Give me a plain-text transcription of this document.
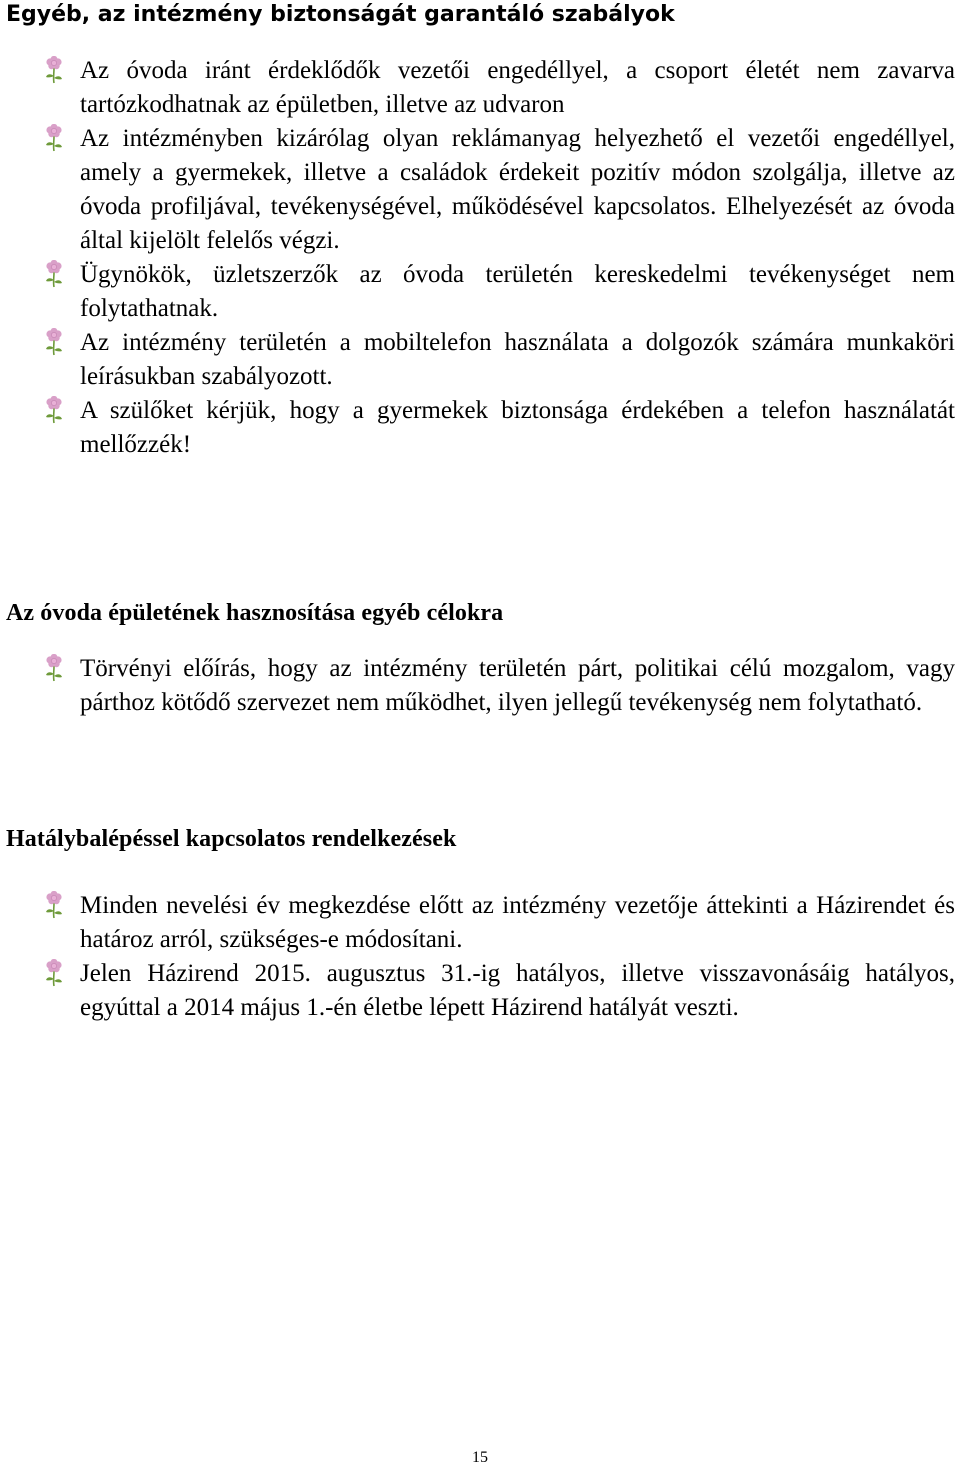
Egyéb, az intézmény biztonságát garantáló szabályok
Az óvoda iránt érdeklődők vezetői engedéllyel, a csoport életét nem zavarva tartózkodhatnak az épületben, illetve az udvaron
Az intézményben kizárólag olyan reklámanyag helyezhető el vezetői engedéllyel, amely a gyermekek, illetve a családok érdekeit pozitív módon szolgálja, illetve az óvoda profiljával, tevékenységével, működésével kapcsolatos. Elhelyezését az óvoda által kijelölt felelős végzi.
Ügynökök, üzletszerzők az óvoda területén kereskedelmi tevékenységet nem folytathatnak.
Az intézmény területén a mobiltelefon használata a dolgozók számára munkaköri leírásukban szabályozott.
A szülőket kérjük, hogy a gyermekek biztonsága érdekében a telefon használatát mellőzzék!
Az óvoda épületének hasznosítása egyéb célokra
Törvényi előírás, hogy az intézmény területén párt, politikai célú mozgalom, vagy párthoz kötődő szervezet nem működhet, ilyen jellegű tevékenység nem folytatható.
Hatálybalépéssel kapcsolatos rendelkezések
Minden nevelési év megkezdése előtt az intézmény vezetője áttekinti a Házirendet és határoz arról, szükséges-e módosítani.
Jelen Házirend 2015. augusztus 31.-ig hatályos, illetve visszavonásáig hatályos, egyúttal a 2014 május 1.-én életbe lépett Házirend hatályát veszti.
15
